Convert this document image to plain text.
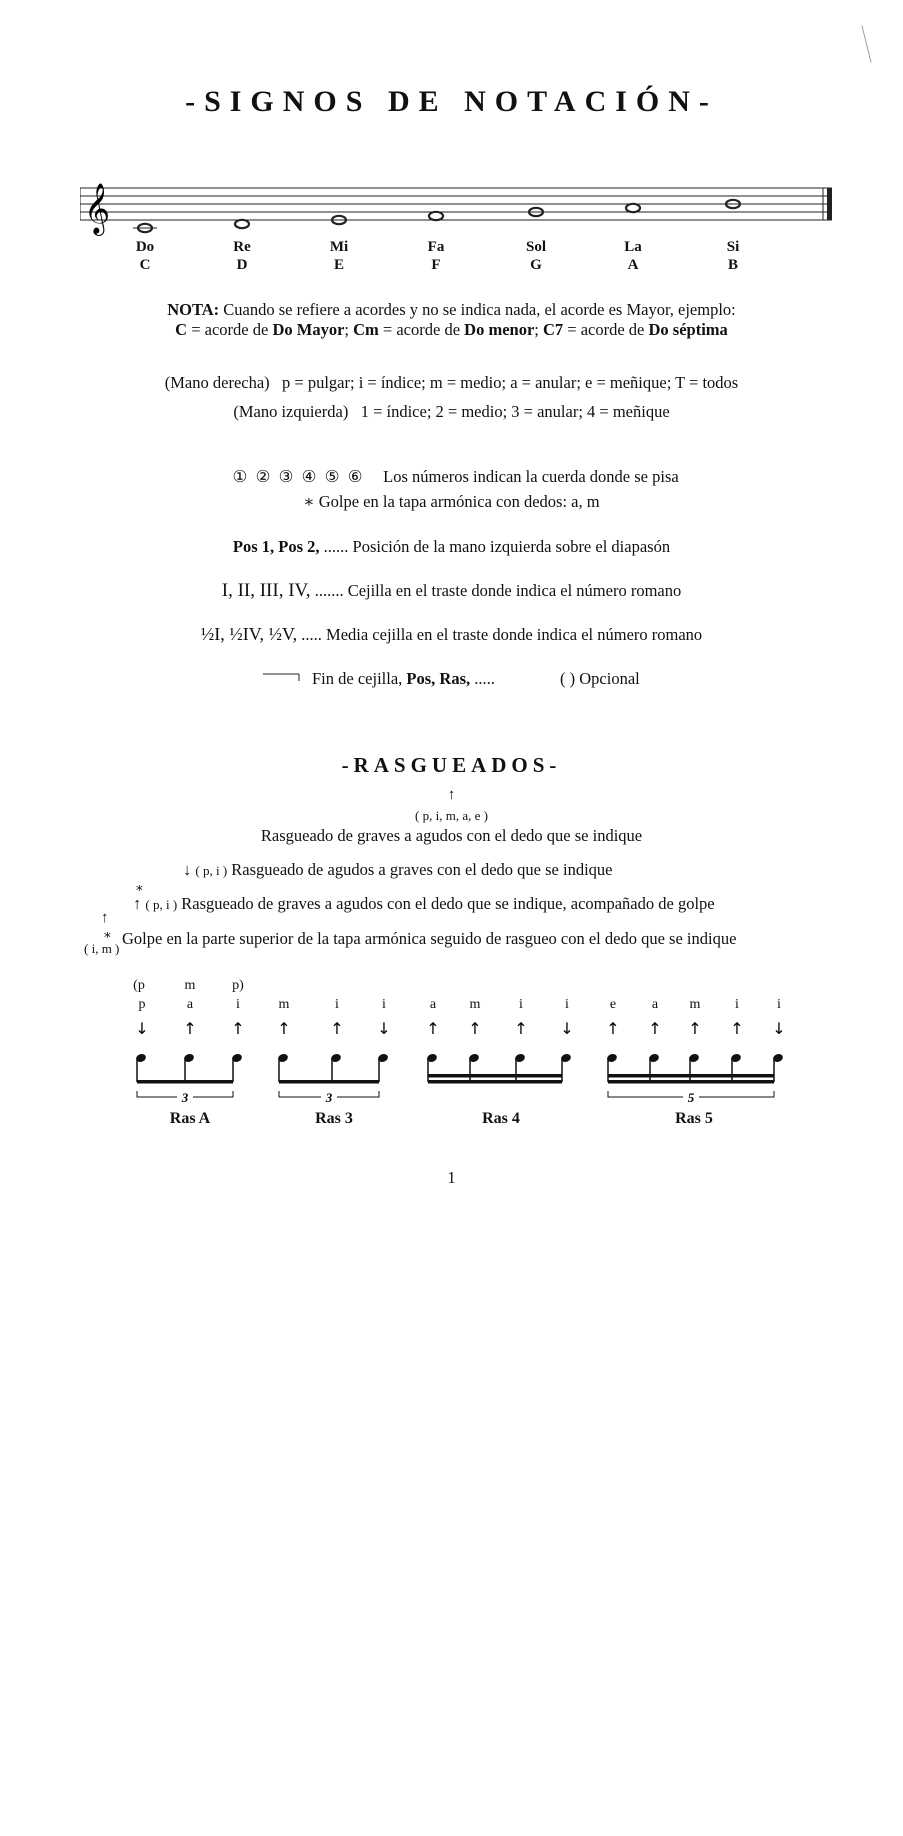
-SIGNOS DE NOTACIÓN-
𝄞
Do
C
Re
D
Mi
E
Fa
F
Sol
G
La
A
Si
B
NOTA: Cuando se refiere a acordes y no se indica nada, el acorde es Mayor, ejemplo:
C = acorde de Do Mayor; Cm = acorde de Do menor; C7 = acorde de Do séptima
(Mano derecha)   p = pulgar; i = índice; m = medio; a = anular; e = meñique; T = todos
(Mano izquierda)   1 = índice; 2 = medio; 3 = anular; 4 = meñique

①  ②  ③  ④  ⑤  ⑥ Los números indican la cuerda donde se pisa

∗ Golpe en la tapa armónica con dedos: a, m
Pos 1, Pos 2, ...... Posición de la mano izquierda sobre el diapasón
I, II, III, IV, ....... Cejilla en el traste donde indica el número romano
½I, ½IV, ½V, ..... Media cejilla en el traste donde indica el número romano
Fin de cejilla, Pos, Ras, .....	( ) Opcional
-RASGUEADOS-
↑
( p, i, m, a, e )
Rasgueado de graves a agudos con el dedo que se indique
↓ ( p, i ) Rasgueado de agudos a graves con el dedo que se indique
∗
↑ ( p, i ) Rasgueado de graves a agudos con el dedo que se indique, acompañado de golpe
↑
∗
( i, m )
Golpe en la parte superior de la tapa armónica seguido de rasgueo con el dedo que se indique
(p	m	p)
p	a	i	m	i	i	a	m	i	i	e	a	m	i	i
↓ ↑ ↑
3
↑ ↑ ↓
3
↑ ↑ ↑ ↓ ↑ ↑ ↑ ↑ ↓
5
Ras A	Ras 3	Ras 4	Ras 5
1
